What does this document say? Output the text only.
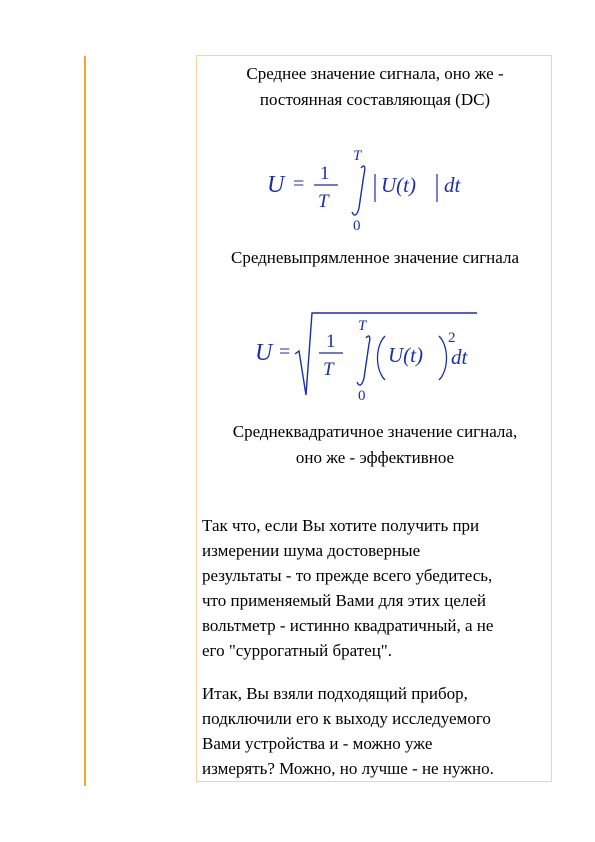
Среднее значение сигнала, оно же -
постоянная составляющая (DC)

U = 1
T
T
0
U(t) dt

Средневыпрямленное значение сигнала

U = 1
T
T
0
U(t)
2
dt

Среднеквадратичное значение сигнала,
оно же - эффективное

Так что, если Вы хотите получить при
измерении шума достоверные
результаты - то прежде всего убедитесь,
что применяемый Вами для этих целей
вольтметр - истинно квадратичный, а не
его "суррогатный братец".

Итак, Вы взяли подходящий прибор,
подключили его к выходу исследуемого
Вами устройства и - можно уже
измерять? Можно, но лучше - не нужно.
